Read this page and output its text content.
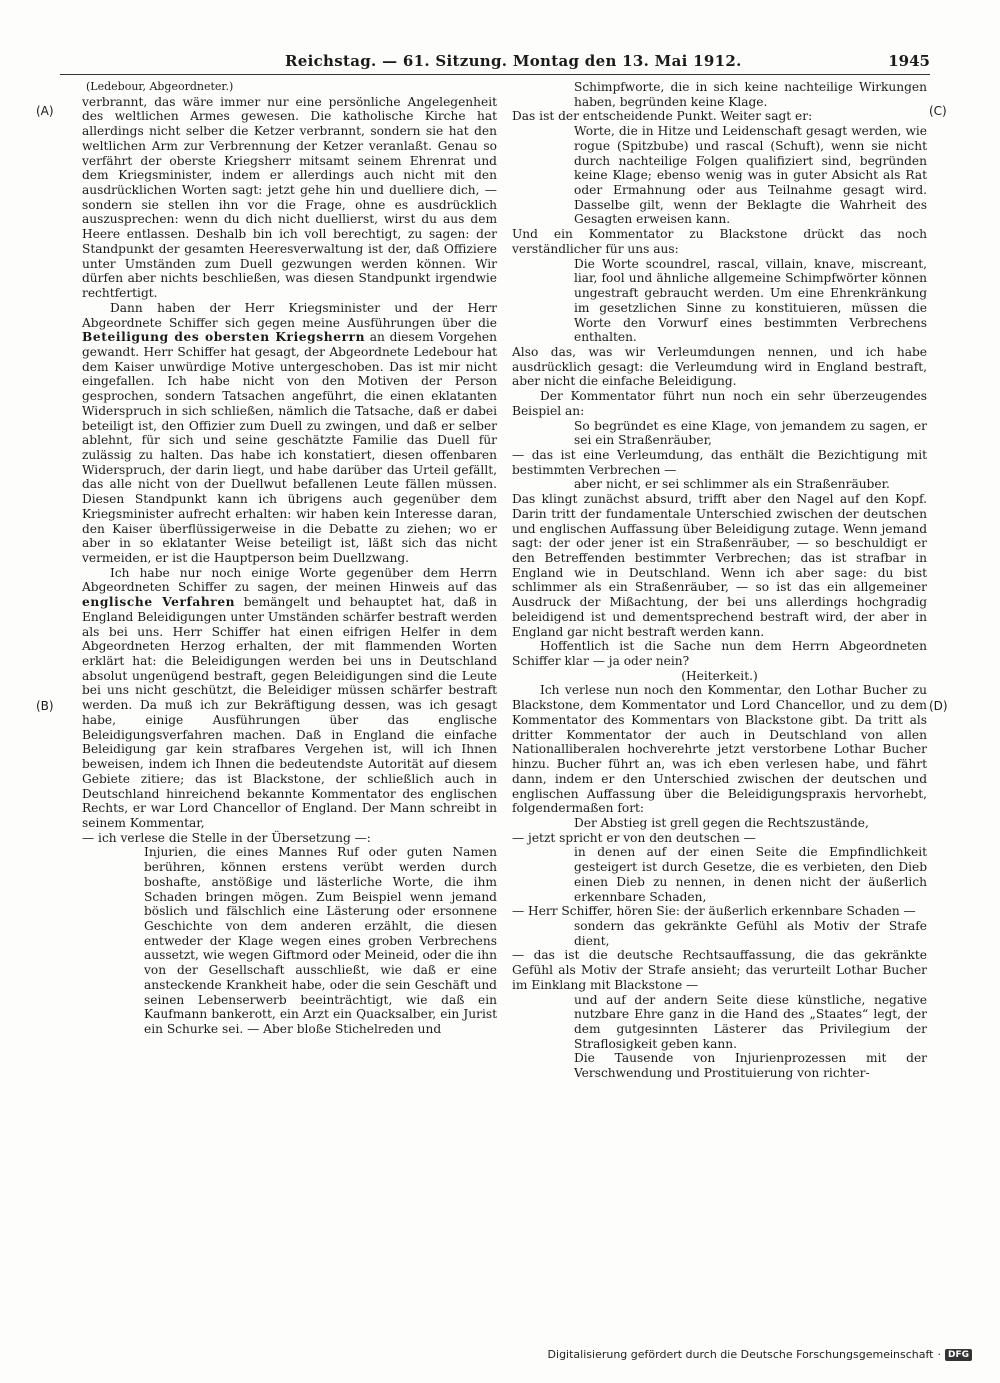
Reichstag. — 61. Sitzung. Montag den 13. Mai 1912.	1945
(A)
(B)
(C)
(D)

(Ledebour, Abgeordneter.)

verbrannt, das wäre immer nur eine persönliche Angelegenheit des weltlichen Armes gewesen. Die katholische Kirche hat allerdings nicht selber die Ketzer verbrannt, sondern sie hat den weltlichen Arm zur Verbrennung der Ketzer veranlaßt. Genau so verfährt der oberste Kriegsherr mitsamt seinem Ehrenrat und dem Kriegsminister, indem er allerdings auch nicht mit den ausdrücklichen Worten sagt: jetzt gehe hin und duelliere dich, — sondern sie stellen ihn vor die Frage, ohne es ausdrücklich auszusprechen: wenn du dich nicht duellierst, wirst du aus dem Heere entlassen. Deshalb bin ich voll berechtigt, zu sagen: der Standpunkt der gesamten Heeresverwaltung ist der, daß Offiziere unter Umständen zum Duell gezwungen werden können. Wir dürfen aber nichts beschließen, was diesen Standpunkt irgendwie rechtfertigt.

Dann haben der Herr Kriegsminister und der Herr Abgeordnete Schiffer sich gegen meine Ausführungen über die Beteiligung des obersten Kriegsherrn an diesem Vorgehen gewandt. Herr Schiffer hat gesagt, der Abgeordnete Ledebour hat dem Kaiser unwürdige Motive untergeschoben. Das ist mir nicht eingefallen. Ich habe nicht von den Motiven der Person gesprochen, sondern Tatsachen angeführt, die einen eklatanten Widerspruch in sich schließen, nämlich die Tatsache, daß er dabei beteiligt ist, den Offizier zum Duell zu zwingen, und daß er selber ablehnt, für sich und seine geschätzte Familie das Duell für zulässig zu halten. Das habe ich konstatiert, diesen offenbaren Widerspruch, der darin liegt, und habe darüber das Urteil gefällt, das alle nicht von der Duellwut befallenen Leute fällen müssen. Diesen Standpunkt kann ich übrigens auch gegenüber dem Kriegsminister aufrecht erhalten: wir haben kein Interesse daran, den Kaiser überflüssigerweise in die Debatte zu ziehen; wo er aber in so eklatanter Weise beteiligt ist, läßt sich das nicht vermeiden, er ist die Hauptperson beim Duellzwang.

Ich habe nur noch einige Worte gegenüber dem Herrn Abgeordneten Schiffer zu sagen, der meinen Hinweis auf das englische Verfahren bemängelt und behauptet hat, daß in England Beleidigungen unter Umständen schärfer bestraft werden als bei uns. Herr Schiffer hat einen eifrigen Helfer in dem Abgeordneten Herzog erhalten, der mit flammenden Worten erklärt hat: die Beleidigungen werden bei uns in Deutschland absolut ungenügend bestraft, gegen Beleidigungen sind die Leute bei uns nicht geschützt, die Beleidiger müssen schärfer bestraft werden. Da muß ich zur Bekräftigung dessen, was ich gesagt habe, einige Ausführungen über das englische Beleidigungsverfahren machen. Daß in England die einfache Beleidigung gar kein strafbares Vergehen ist, will ich Ihnen beweisen, indem ich Ihnen die bedeutendste Autorität auf diesem Gebiete zitiere; das ist Blackstone, der schließlich auch in Deutschland hinreichend bekannte Kommentator des englischen Rechts, er war Lord Chancellor of England. Der Mann schreibt in seinem Kommentar,

— ich verlese die Stelle in der Übersetzung —:

Injurien, die eines Mannes Ruf oder guten Namen berühren, können erstens verübt werden durch boshafte, anstößige und lästerliche Worte, die ihm Schaden bringen mögen. Zum Beispiel wenn jemand böslich und fälschlich eine Lästerung oder ersonnene Geschichte von dem anderen erzählt, die diesen entweder der Klage wegen eines groben Verbrechens aussetzt, wie wegen Giftmord oder Meineid, oder die ihn von der Gesellschaft ausschließt, wie daß er eine ansteckende Krankheit habe, oder die sein Geschäft und seinen Lebenserwerb beeinträchtigt, wie daß ein Kaufmann bankerott, ein Arzt ein Quacksalber, ein Jurist ein Schurke sei. — Aber bloße Stichelreden und

Schimpfworte, die in sich keine nachteilige Wirkungen haben, begründen keine Klage.

Das ist der entscheidende Punkt. Weiter sagt er:

Worte, die in Hitze und Leidenschaft gesagt werden, wie rogue (Spitzbube) und rascal (Schuft), wenn sie nicht durch nachteilige Folgen qualifiziert sind, begründen keine Klage; ebenso wenig was in guter Absicht als Rat oder Ermahnung oder aus Teilnahme gesagt wird. Dasselbe gilt, wenn der Beklagte die Wahrheit des Gesagten erweisen kann.

Und ein Kommentator zu Blackstone drückt das noch verständlicher für uns aus:

Die Worte scoundrel, rascal, villain, knave, miscreant, liar, fool und ähnliche allgemeine Schimpfwörter können ungestraft gebraucht werden. Um eine Ehrenkränkung im gesetzlichen Sinne zu konstituieren, müssen die Worte den Vorwurf eines bestimmten Verbrechens enthalten.

Also das, was wir Verleumdungen nennen, und ich habe ausdrücklich gesagt: die Verleumdung wird in England bestraft, aber nicht die einfache Beleidigung.

Der Kommentator führt nun noch ein sehr überzeugendes Beispiel an:

So begründet es eine Klage, von jemandem zu sagen, er sei ein Straßenräuber,

— das ist eine Verleumdung, das enthält die Bezichtigung mit bestimmten Verbrechen —

aber nicht, er sei schlimmer als ein Straßenräuber.

Das klingt zunächst absurd, trifft aber den Nagel auf den Kopf. Darin tritt der fundamentale Unterschied zwischen der deutschen und englischen Auffassung über Beleidigung zutage. Wenn jemand sagt: der oder jener ist ein Straßenräuber, — so beschuldigt er den Betreffenden bestimmter Verbrechen; das ist strafbar in England wie in Deutschland. Wenn ich aber sage: du bist schlimmer als ein Straßenräuber, — so ist das ein allgemeiner Ausdruck der Mißachtung, der bei uns allerdings hochgradig beleidigend ist und dementsprechend bestraft wird, der aber in England gar nicht bestraft werden kann.

Hoffentlich ist die Sache nun dem Herrn Abgeordneten Schiffer klar — ja oder nein?

(Heiterkeit.)

Ich verlese nun noch den Kommentar, den Lothar Bucher zu Blackstone, dem Kommentator und Lord Chancellor, und zu dem Kommentator des Kommentars von Blackstone gibt. Da tritt als dritter Kommentator der auch in Deutschland von allen Nationalliberalen hochverehrte jetzt verstorbene Lothar Bucher hinzu. Bucher führt an, was ich eben verlesen habe, und fährt dann, indem er den Unterschied zwischen der deutschen und englischen Auffassung über die Beleidigungspraxis hervorhebt, folgendermaßen fort:

Der Abstieg ist grell gegen die Rechtszustände,

— jetzt spricht er von den deutschen —

in denen auf der einen Seite die Empfindlichkeit gesteigert ist durch Gesetze, die es verbieten, den Dieb einen Dieb zu nennen, in denen nicht der äußerlich erkennbare Schaden,

— Herr Schiffer, hören Sie: der äußerlich erkennbare Schaden —

sondern das gekränkte Gefühl als Motiv der Strafe dient,

— das ist die deutsche Rechtsauffassung, die das gekränkte Gefühl als Motiv der Strafe ansieht; das verurteilt Lothar Bucher im Einklang mit Blackstone —

und auf der andern Seite diese künstliche, negative nutzbare Ehre ganz in die Hand des „Staates“ legt, der dem gutgesinnten Lästerer das Privilegium der Straflosigkeit geben kann.

Die Tausende von Injurienprozessen mit der Verschwendung und Prostituierung von richter-

Digitalisierung gefördert durch die Deutsche Forschungsgemeinschaft · DFG
